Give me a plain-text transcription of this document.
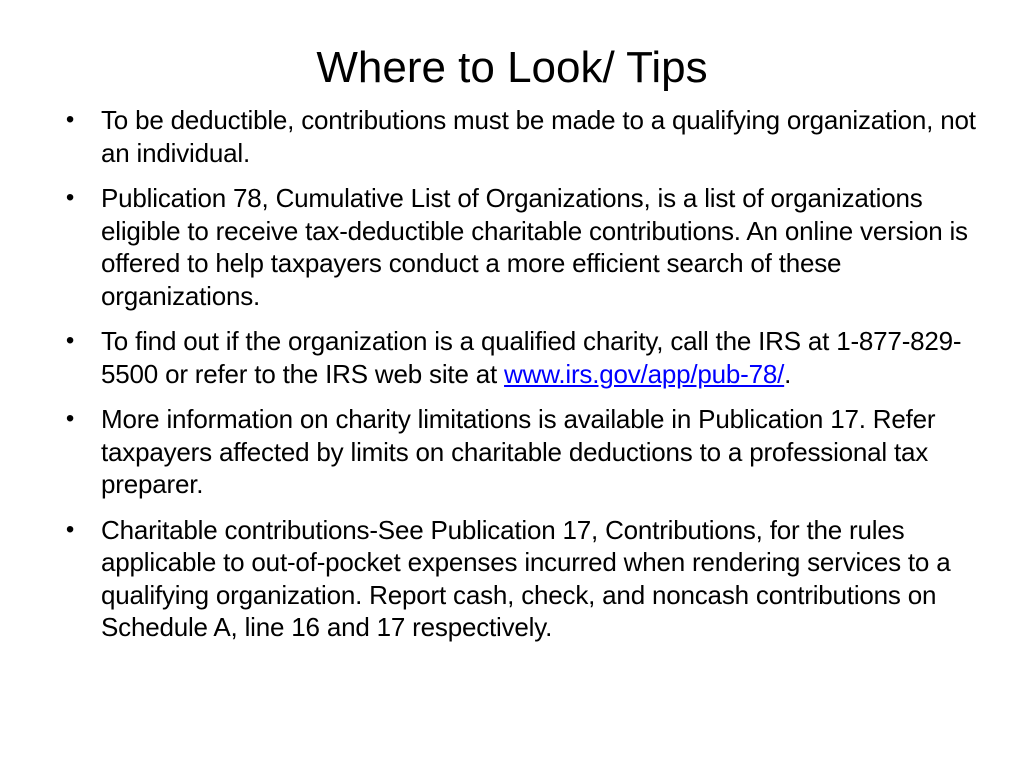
Where to Look/ Tips
• To be deductible, contributions must be made to a qualifying organization, not an individual.
• Publication 78, Cumulative List of Organizations, is a list of organizations eligible to receive tax-deductible charitable contributions. An online version is offered to help taxpayers conduct a more efficient search of these organizations.
• To find out if the organization is a qualified charity, call the IRS at 1-877-829-5500 or refer to the IRS web site at www.irs.gov/app/pub-78/.
• More information on charity limitations is available in Publication 17. Refer taxpayers affected by limits on charitable deductions to a professional tax preparer.
• Charitable contributions-See Publication 17, Contributions, for the rules applicable to out-of-pocket expenses incurred when rendering services to a qualifying organization. Report cash, check, and noncash contributions on Schedule A, line 16 and 17 respectively.
